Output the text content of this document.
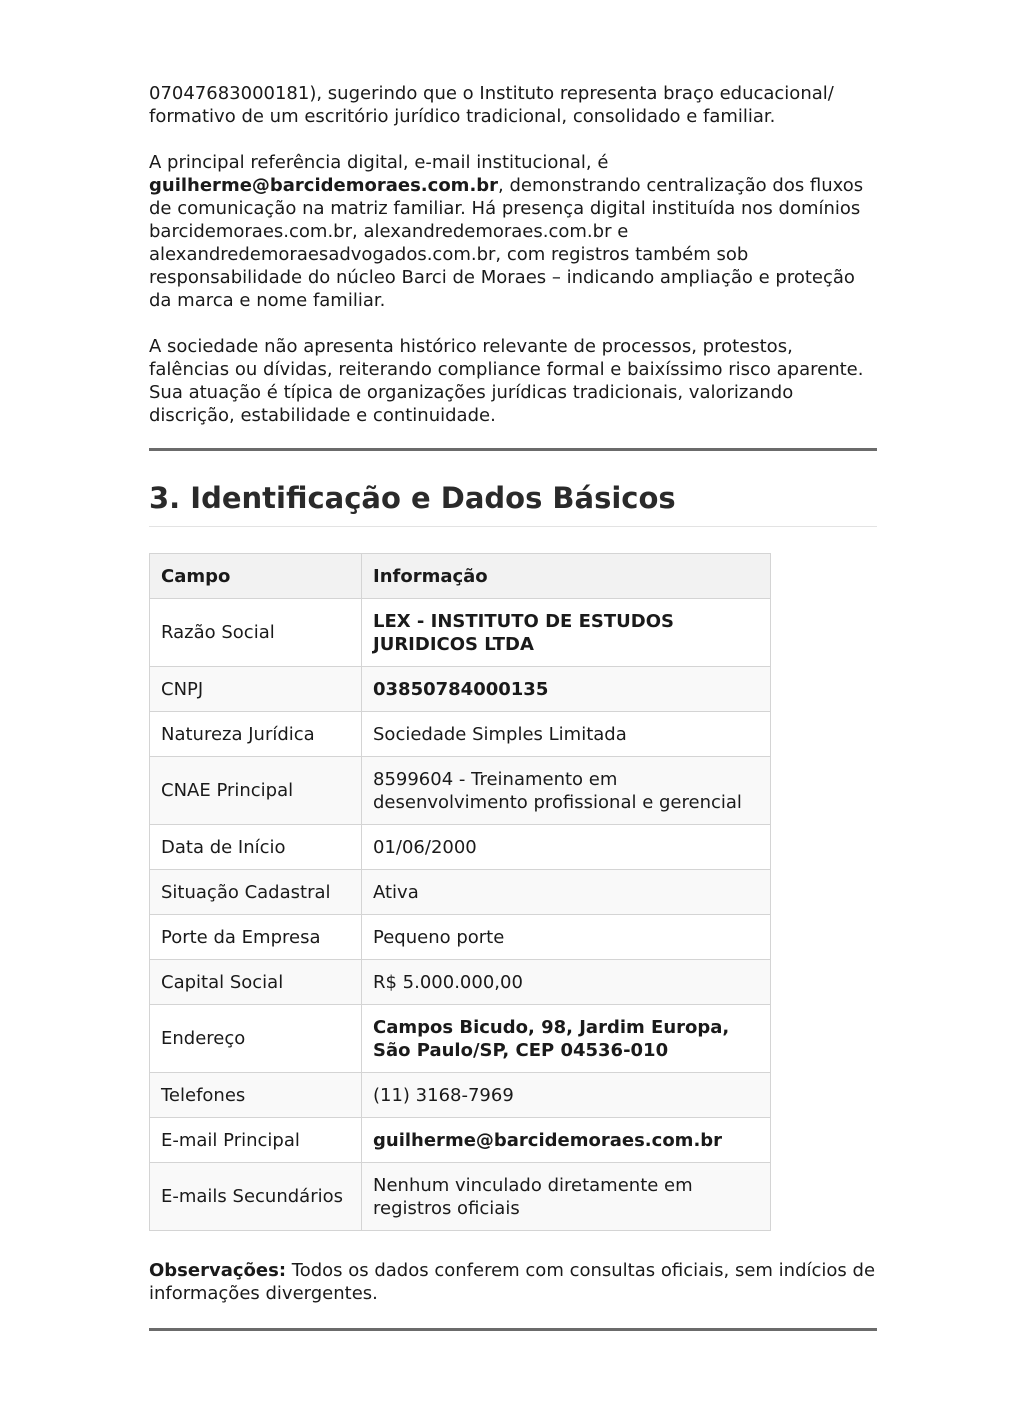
07047683000181), sugerindo que o Instituto representa braço educacional/ formativo de um escritório jurídico tradicional, consolidado e familiar.

A principal referência digital, e-mail institucional, é guilherme@barcidemoraes.com.br, demonstrando centralização dos fluxos de comunicação na matriz familiar. Há presença digital instituída nos domínios barcidemoraes.com.br, alexandredemoraes.com.br e alexandredemoraesadvogados.com.br, com registros também sob responsabilidade do núcleo Barci de Moraes – indicando ampliação e proteção da marca e nome familiar.

A sociedade não apresenta histórico relevante de processos, protestos, falências ou dívidas, reiterando compliance formal e baixíssimo risco aparente. Sua atuação é típica de organizações jurídicas tradicionais, valorizando discrição, estabilidade e continuidade.

3. Identificação e Dados Básicos
Campo	Informação
Razão Social	LEX - INSTITUTO DE ESTUDOS JURIDICOS LTDA
CNPJ	03850784000135
Natureza Jurídica	Sociedade Simples Limitada
CNAE Principal	8599604 - Treinamento em desenvolvimento profissional e gerencial
Data de Início	01/06/2000
Situação Cadastral	Ativa
Porte da Empresa	Pequeno porte
Capital Social	R$ 5.000.000,00
Endereço	Campos Bicudo, 98, Jardim Europa, São Paulo/SP, CEP 04536-010
Telefones	(11) 3168-7969
E-mail Principal	guilherme@barcidemoraes.com.br
E-mails Secundários	Nenhum vinculado diretamente em registros oficiais

Observações: Todos os dados conferem com consultas oficiais, sem indícios de informações divergentes.
